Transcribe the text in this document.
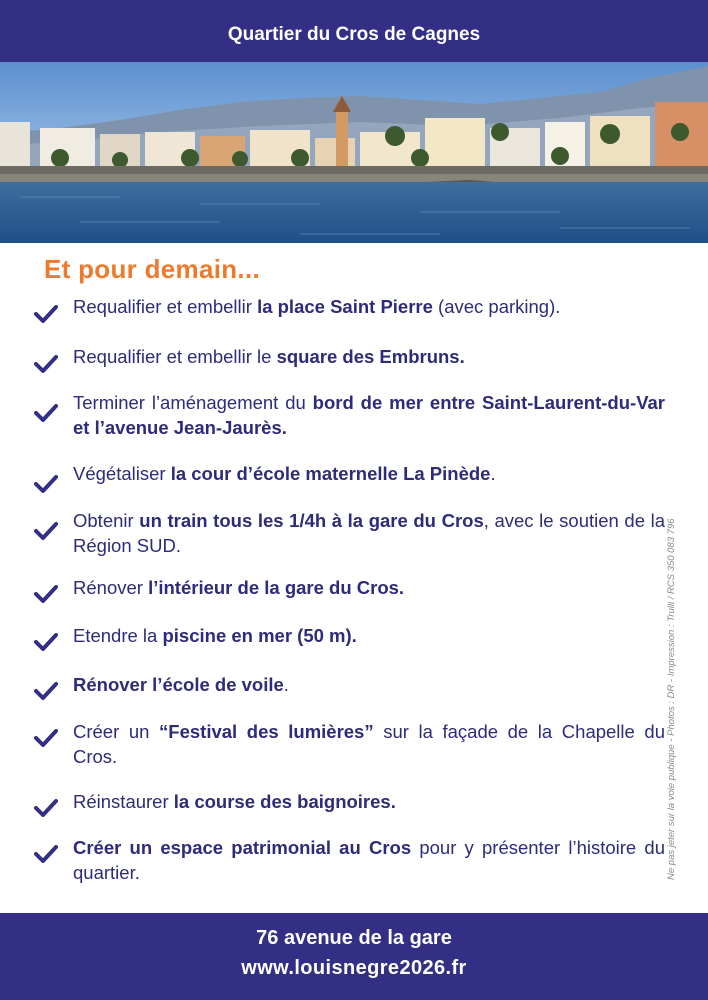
Quartier du Cros de Cagnes
Et pour demain...
Requalifier et embellir la place Saint Pierre (avec parking).
Requalifier et embellir le square des Embruns.
Terminer l’aménagement du bord de mer entre Saint-Laurent-du-Var et l’avenue Jean-Jaurès.
Végétaliser la cour d’école maternelle La Pinède.
Obtenir un train tous les 1/4h à la gare du Cros, avec le soutien de la Région SUD.
Rénover l’intérieur de la gare du Cros.
Etendre la piscine en mer (50 m).
Rénover l’école de voile.
Créer un “Festival des lumières” sur la façade de la Chapelle du Cros.
Réinstaurer la course des baignoires.
Créer un espace patrimonial au Cros pour y présenter l’histoire du quartier.	Ne pas jeter sur la voie publique - Photos : DR - Impression : Trulli / RCS 350 083 796
76 avenue de la gare
www.louisnegre2026.fr
